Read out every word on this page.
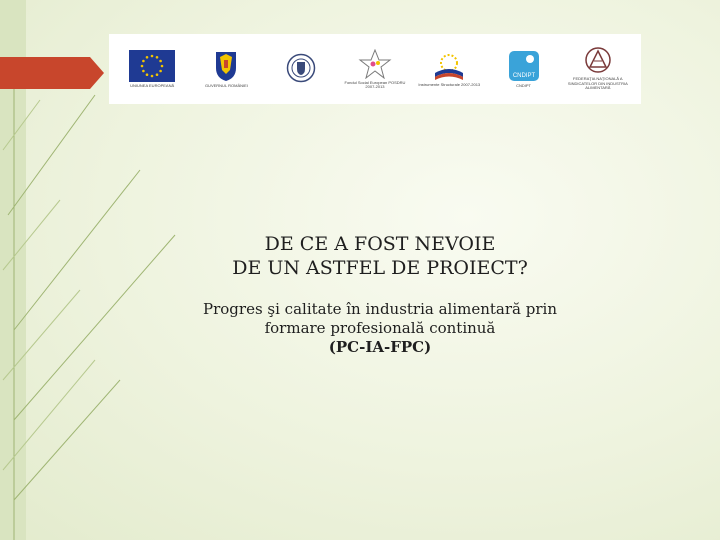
UNIUNEA EUROPEANĂ	GUVERNUL ROMÂNIEI
Fondul Social European POSDRU 2007-2013	Instrumente Structurale 2007-2013
CNDIPT
CNDIPT
FEDERAŢIA NAŢIONALĂ A SINDICATELOR DIN INDUSTRIA ALIMENTARĂ
DE CE A FOST NEVOIE
DE UN ASTFEL DE PROIECT?

Progres şi calitate în industria alimentară prin
formare profesională continuă
(PC-IA-FPC)
